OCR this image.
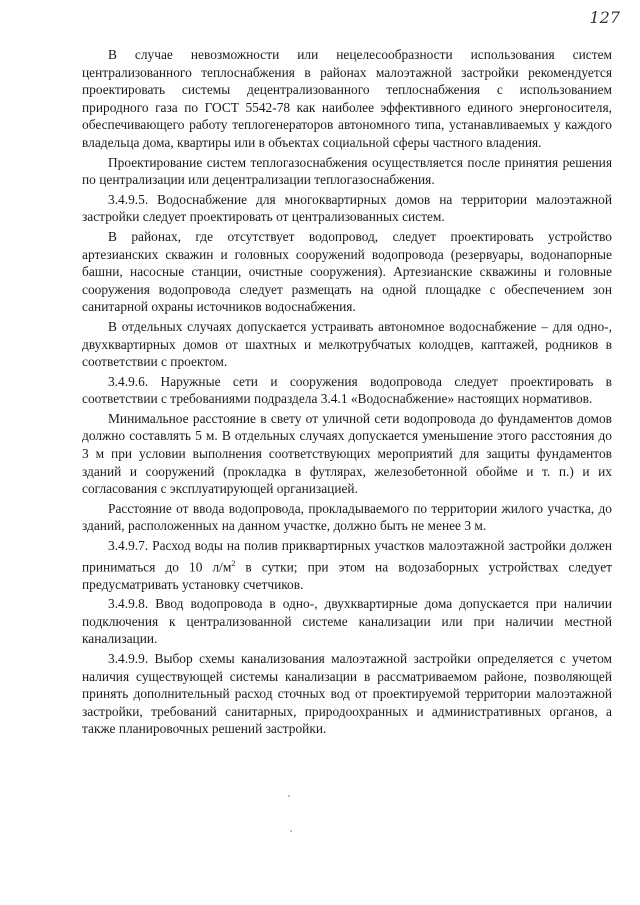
127

В случае невозможности или нецелесообразности использования систем централизованного теплоснабжения в районах малоэтажной застройки рекомендуется проектировать системы децентрализованного теплоснабжения с использованием природного газа по ГОСТ 5542-78 как наиболее эффективного единого энергоносителя, обеспечивающего работу теплогенераторов автономного типа, устанавливаемых у каждого владельца дома, квартиры или в объектах социальной сферы частного владения.

Проектирование систем теплогазоснабжения осуществляется после принятия решения по централизации или децентрализации теплогазоснабжения.

3.4.9.5. Водоснабжение для многоквартирных домов на территории малоэтажной застройки следует проектировать от централизованных систем.

В районах, где отсутствует водопровод, следует проектировать устройство артезианских скважин и головных сооружений водопровода (резервуары, водонапорные башни, насосные станции, очистные сооружения). Артезианские скважины и головные сооружения водопровода следует размещать на одной площадке с обеспечением зон санитарной охраны источников водоснабжения.

В отдельных случаях допускается устраивать автономное водоснабжение – для одно-, двухквартирных домов от шахтных и мелкотрубчатых колодцев, каптажей, родников в соответствии с проектом.

3.4.9.6. Наружные сети и сооружения водопровода следует проектировать в соответствии с требованиями подраздела 3.4.1 «Водоснабжение» настоящих нормативов.

Минимальное расстояние в свету от уличной сети водопровода до фундаментов домов должно составлять 5 м. В отдельных случаях допускается уменьшение этого расстояния до 3 м при условии выполнения соответствующих мероприятий для защиты фундаментов зданий и сооружений (прокладка в футлярах, железобетонной обойме и т. п.) и их согласования с эксплуатирующей организацией.

Расстояние от ввода водопровода, прокладываемого по территории жилого участка, до зданий, расположенных на данном участке, должно быть не менее 3 м.

3.4.9.7. Расход воды на полив приквартирных участков малоэтажной застройки должен приниматься до 10 $л/м^2$ в сутки; при этом на водозаборных устройствах следует предусматривать установку счетчиков.

3.4.9.8. Ввод водопровода в одно-, двухквартирные дома допускается при наличии подключения к централизованной системе канализации или при наличии местной канализации.

3.4.9.9. Выбор схемы канализования малоэтажной застройки определяется с учетом наличия существующей системы канализации в рассматриваемом районе, позволяющей принять дополнительный расход сточных вод от проектируемой территории малоэтажной застройки, требований санитарных, природоохранных и административных органов, а также планировочных решений застройки.
